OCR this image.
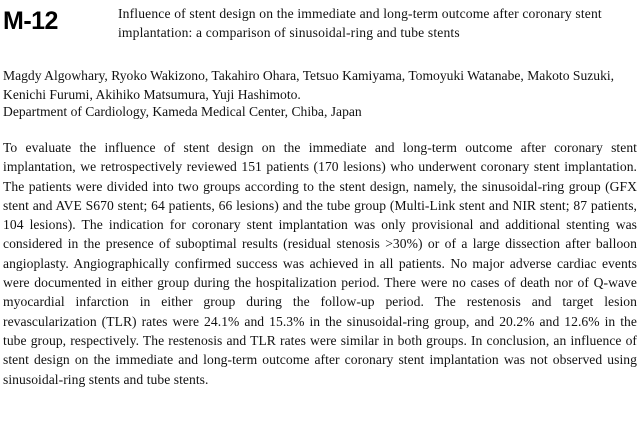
M-12	Influence of stent design on the immediate and long-term outcome after coronary stent implantation: a comparison of sinusoidal-ring and tube stents
Magdy Algowhary, Ryoko Wakizono, Takahiro Ohara, Tetsuo Kamiyama, Tomoyuki Watanabe, Makoto Suzuki, Kenichi Furumi, Akihiko Matsumura, Yuji Hashimoto.
Department of Cardiology, Kameda Medical Center, Chiba, Japan
To evaluate the influence of stent design on the immediate and long-term outcome after coronary stent implantation, we retrospectively reviewed 151 patients (170 lesions) who underwent coronary stent implantation. The patients were divided into two groups according to the stent design, namely, the sinusoidal-ring group (GFX stent and AVE S670 stent; 64 patients, 66 lesions) and the tube group (Multi-Link stent and NIR stent; 87 patients, 104 lesions). The indication for coronary stent implantation was only provisional and additional stenting was considered in the presence of suboptimal results (residual stenosis >30%) or of a large dissection after balloon angioplasty. Angiographically confirmed success was achieved in all patients. No major adverse cardiac events were documented in either group during the hospitalization period. There were no cases of death nor of Q-wave myocardial infarction in either group during the follow-up period. The restenosis and target lesion revascularization (TLR) rates were 24.1% and 15.3% in the sinusoidal-ring group, and 20.2% and 12.6% in the tube group, respectively. The restenosis and TLR rates were similar in both groups. In conclusion, an influence of stent design on the immediate and long-term outcome after coronary stent implantation was not observed using sinusoidal-ring stents and tube stents.
